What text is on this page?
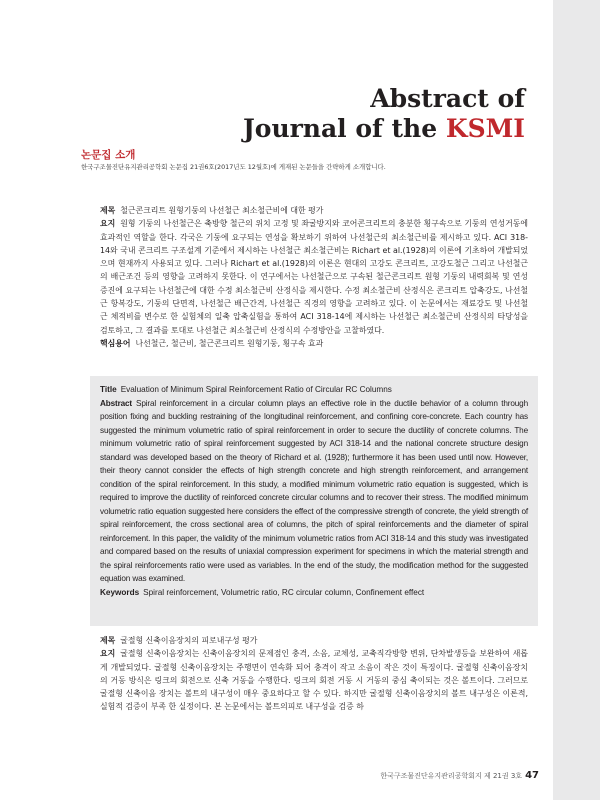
Abstract of
Journal of the KSMI
논문집 소개
한국구조물진단유지관리공학회 논문집 21권6호(2017년도 12월호)에 게재된 논문들을 간략하게 소개합니다.
제목 철근콘크리트 원형기둥의 나선철근 최소철근비에 대한 평가
요지 원형 기둥의 나선철근은 축방향 철근의 위치 고정 및 좌굴방지와 코어콘크리트의 충분한 횡구속으로 기둥의 연성거동에 효과적인 역할을 한다. 각국은 기둥에 요구되는 연성을 확보하기 위하여 나선철근의 최소철근비를 제시하고 있다. ACI 318-14와 국내 콘크리트 구조설계 기준에서 제시하는 나선철근 최소철근비는 Richart et al.(1928)의 이론에 기초하여 개발되었으며 현재까지 사용되고 있다. 그러나 Richart et al.(1928)의 이론은 현대의 고강도 콘크리트, 고강도철근 그리고 나선철근의 배근조건 등의 영향을 고려하지 못한다. 이 연구에서는 나선철근으로 구속된 철근콘크리트 원형 기둥의 내력회복 및 연성증진에 요구되는 나선철근에 대한 수정 최소철근비 산정식을 제시한다. 수정 최소철근비 산정식은 콘크리트 압축강도, 나선철근 항복강도, 기둥의 단면적, 나선철근 배근간격, 나선철근 직경의 영향을 고려하고 있다. 이 논문에서는 재료강도 및 나선철근 체적비를 변수로 한 실험체의 일축 압축실험을 통하여 ACI 318-14에 제시하는 나선철근 최소철근비 산정식의 타당성을 검토하고, 그 결과를 토대로 나선철근 최소철근비 산정식의 수정방안을 고찰하였다.
핵심용어 나선철근, 철근비, 철근콘크리트 원형기둥, 횡구속 효과
Title Evaluation of Minimum Spiral Reinforcement Ratio of Circular RC Columns
Abstract Spiral reinforcement in a circular column plays an effective role in the ductile behavior of a column through position fixing and buckling restraining of the longitudinal reinforcement, and confining core-concrete. Each country has suggested the minimum volumetric ratio of spiral reinforcement in order to secure the ductility of concrete columns. The minimum volumetric ratio of spiral reinforcement suggested by ACI 318-14 and the national concrete structure design standard was developed based on the theory of Richard et al. (1928); furthermore it has been used until now. However, their theory cannot consider the effects of high strength concrete and high strength reinforcement, and arrangement condition of the spiral reinforcement. In this study, a modified minimum volumetric ratio equation is suggested, which is required to improve the ductility of reinforced concrete circular columns and to recover their stress. The modified minimum volumetric ratio equation suggested here considers the effect of the compressive strength of concrete, the yield strength of spiral reinforcement, the cross sectional area of columns, the pitch of spiral reinforcements and the diameter of spiral reinforcement. In this paper, the validity of the minimum volumetric ratios from ACI 318-14 and this study was investigated and compared based on the results of uniaxial compression experiment for specimens in which the material strength and the spiral reinforcements ratio were used as variables. In the end of the study, the modification method for the suggested equation was examined.
Keywords Spiral reinforcement, Volumetric ratio, RC circular column, Confinement effect
제목 굴절형 신축이음장치의 피로내구성 평가
요지 굴절형 신축이음장치는 신축이음장치의 문제점인 충격, 소음, 교체성, 교축직각방향 변위, 단차발생등을 보완하여 새롭게 개발되었다. 굴절형 신축이음장치는 주행면이 연속화 되어 충격이 작고 소음이 작은 것이 특징이다. 굴절형 신축이음장치의 거동 방식은 링크의 회전으로 신축 거동을 수행한다. 링크의 회전 거동 시 거동의 중심 축이되는 것은 볼트이다. 그러므로 굴절형 신축이음 장치는 볼트의 내구성이 매우 중요하다고 할 수 있다. 하지만 굴절형 신축이음장치의 볼트 내구성은 이론적, 실험적 검증이 부족 한 실정이다. 본 논문에서는 볼트의피로 내구성을 검증 하
한국구조물진단유지관리공학회지 제 21권 3호 47
